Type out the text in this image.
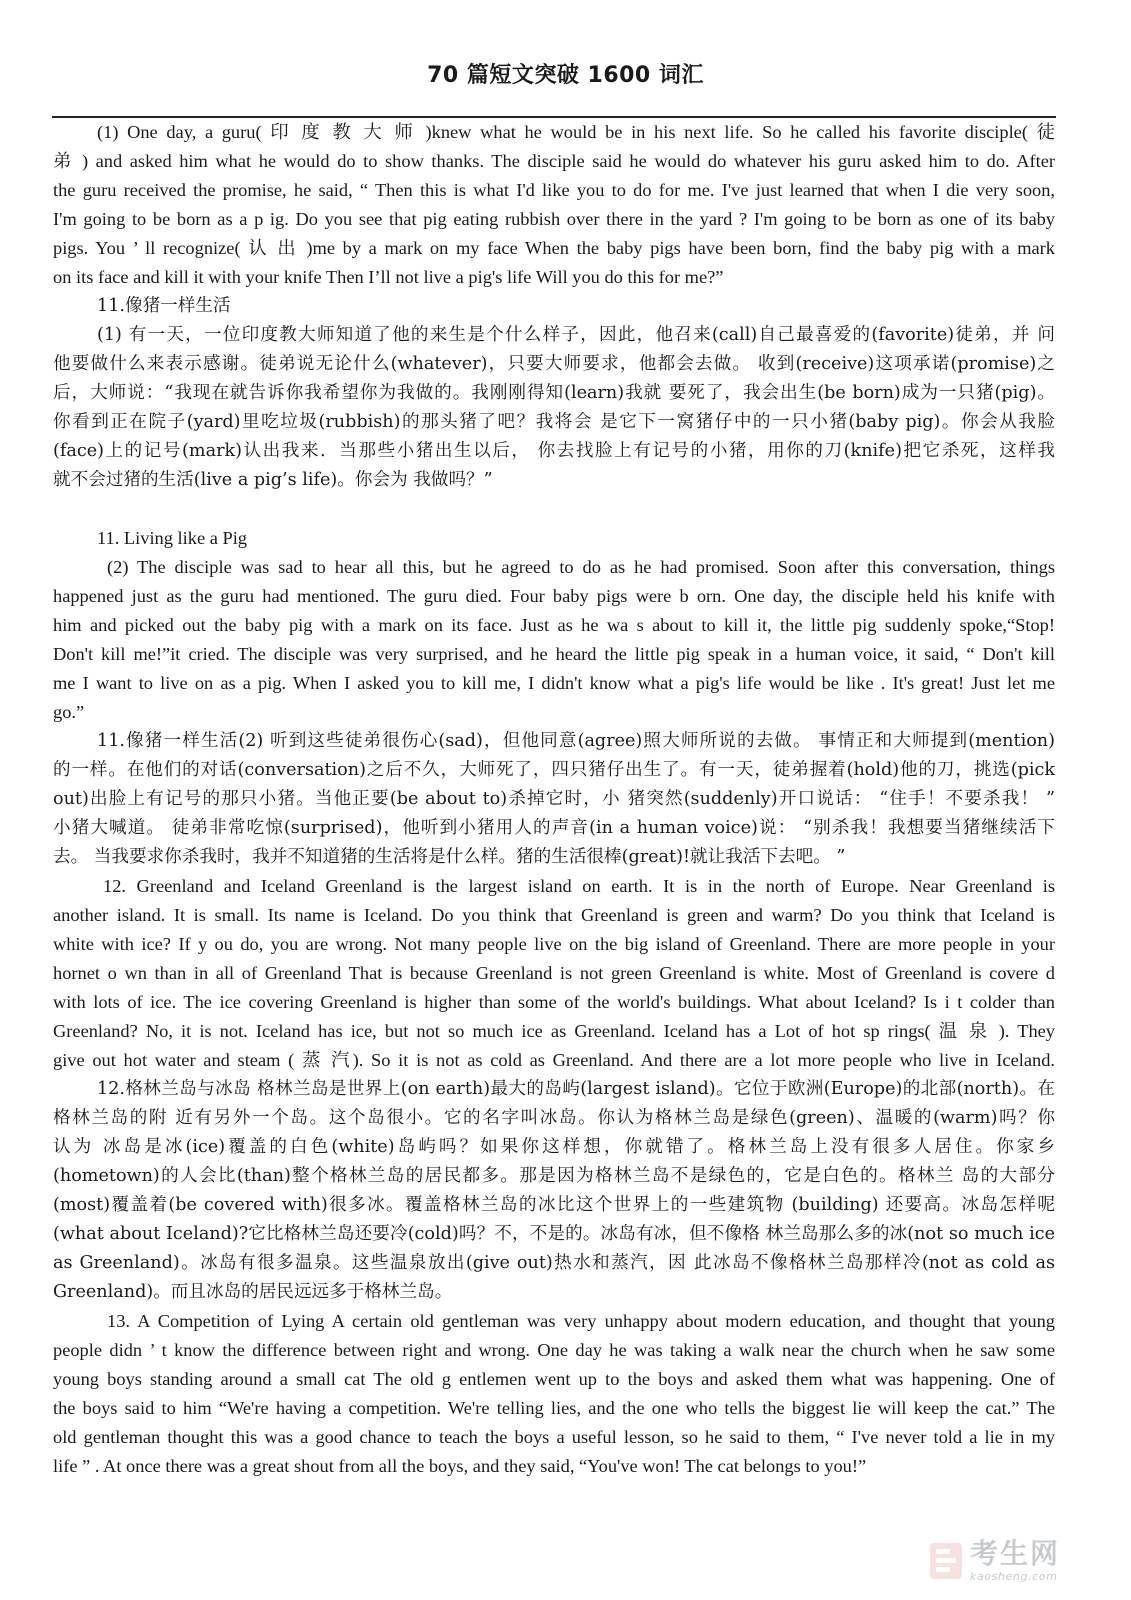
70 篇短文突破 1600 词汇
(1) One day, a guru( 印 度 教 大 师 )knew what he would be in his next life. So he called his favorite disciple( 徒
弟 ) and asked him what he would do to show thanks. The disciple said he would do whatever his guru asked him to do. After
the guru received the promise, he said, “ Then this is what I'd like you to do for me. I've just learned that when I die very soon,
I'm going to be born as a p ig. Do you see that pig eating rubbish over there in the yard ? I'm going to be born as one of its baby
pigs. You ’ ll recognize( 认 出 )me by a mark on my face When the baby pigs have been born, find the baby pig with a mark
on its face and kill it with your knife Then I’ll not live a pig's life Will you do this for me?”
11.像猪一样生活
(1) 有一天，一位印度教大师知道了他的来生是个什么样子，因此，他召来(call)自己最喜爱的(favorite)徒弟，并 问
他要做什么来表示感谢。徒弟说无论什么(whatever)，只要大师要求，他都会去做。 收到(receive)这项承诺(promise)之
后，大师说：“我现在就告诉你我希望你为我做的。我刚刚得知(learn)我就 要死了，我会出生(be born)成为一只猪(pig)。
你看到正在院子(yard)里吃垃圾(rubbish)的那头猪了吧？我将会 是它下一窝猪仔中的一只小猪(baby pig)。你会从我脸
(face)上的记号(mark)认出我来．当那些小猪出生以后， 你去找脸上有记号的小猪，用你的刀(knife)把它杀死，这样我
就不会过猪的生活(live a pig’s life)。你会为 我做吗？”
11. Living like a Pig
(2) The disciple was sad to hear all this, but he agreed to do as he had promised. Soon after this conversation, things
happened just as the guru had mentioned. The guru died. Four baby pigs were b orn. One day, the disciple held his knife with
him and picked out the baby pig with a mark on its face. Just as he wa s about to kill it, the little pig suddenly spoke,“Stop!
Don't kill me!”it cried. The disciple was very surprised, and he heard the little pig speak in a human voice, it said, “ Don't kill
me I want to live on as a pig. When I asked you to kill me, I didn't know what a pig's life would be like . It's great! Just let me
go.”
11.像猪一样生活(2) 听到这些徒弟很伤心(sad)，但他同意(agree)照大师所说的去做。 事情正和大师提到(mention)
的一样。在他们的对话(conversation)之后不久，大师死了，四只猪仔出生了。有一天，徒弟握着(hold)他的刀，挑选(pick
out)出脸上有记号的那只小猪。当他正要(be about to)杀掉它时，小 猪突然(suddenly)开口说话： “住手！不要杀我！ ”
小猪大喊道。 徒弟非常吃惊(surprised)，他听到小猪用人的声音(in a human voice)说： “别杀我！我想要当猪继续活下
去。 当我要求你杀我时，我并不知道猪的生活将是什么样。猪的生活很棒(great)!就让我活下去吧。 ”
12. Greenland and Iceland Greenland is the largest island on earth. It is in the north of Europe. Near Greenland is
another island. It is small. Its name is Iceland. Do you think that Greenland is green and warm? Do you think that Iceland is
white with ice? If y ou do, you are wrong. Not many people live on the big island of Greenland. There are more people in your
hornet o wn than in all of Greenland That is because Greenland is not green Greenland is white. Most of Greenland is covere d
with lots of ice. The ice covering Greenland is higher than some of the world's buildings. What about Iceland? Is i t colder than
Greenland? No, it is not. Iceland has ice, but not so much ice as Greenland. Iceland has a Lot of hot sp rings( 温 泉 ). They
give out hot water and steam ( 蒸 汽). So it is not as cold as Greenland. And there are a lot more people who live in Iceland.
12.格林兰岛与冰岛 格林兰岛是世界上(on earth)最大的岛屿(largest island)。它位于欧洲(Europe)的北部(north)。在
格林兰岛的附 近有另外一个岛。这个岛很小。它的名字叫冰岛。你认为格林兰岛是绿色(green)、温暖的(warm)吗？你
认为 冰岛是冰(ice)覆盖的白色(white)岛屿吗？如果你这样想，你就错了。格林兰岛上没有很多人居住。你家乡
(hometown)的人会比(than)整个格林兰岛的居民都多。那是因为格林兰岛不是绿色的，它是白色的。格林兰 岛的大部分
(most)覆盖着(be covered with)很多冰。覆盖格林兰岛的冰比这个世界上的一些建筑物 (building) 还要高。冰岛怎样呢
(what about Iceland)?它比格林兰岛还要冷(cold)吗？不，不是的。冰岛有冰，但不像格 林兰岛那么多的冰(not so much ice
as Greenland)。冰岛有很多温泉。这些温泉放出(give out)热水和蒸汽，因 此冰岛不像格林兰岛那样冷(not as cold as
Greenland)。而且冰岛的居民远远多于格林兰岛。
13. A Competition of Lying A certain old gentleman was very unhappy about modern education, and thought that young
people didn ’ t know the difference between right and wrong. One day he was taking a walk near the church when he saw some
young boys standing around a small cat The old g entlemen went up to the boys and asked them what was happening. One of
the boys said to him “We're having a competition. We're telling lies, and the one who tells the biggest lie will keep the cat.” The
old gentleman thought this was a good chance to teach the boys a useful lesson, so he said to them, “ I've never told a lie in my
life ” . At once there was a great shout from all the boys, and they said, “You've won! The cat belongs to you!”
考生网
kaosheng.com
